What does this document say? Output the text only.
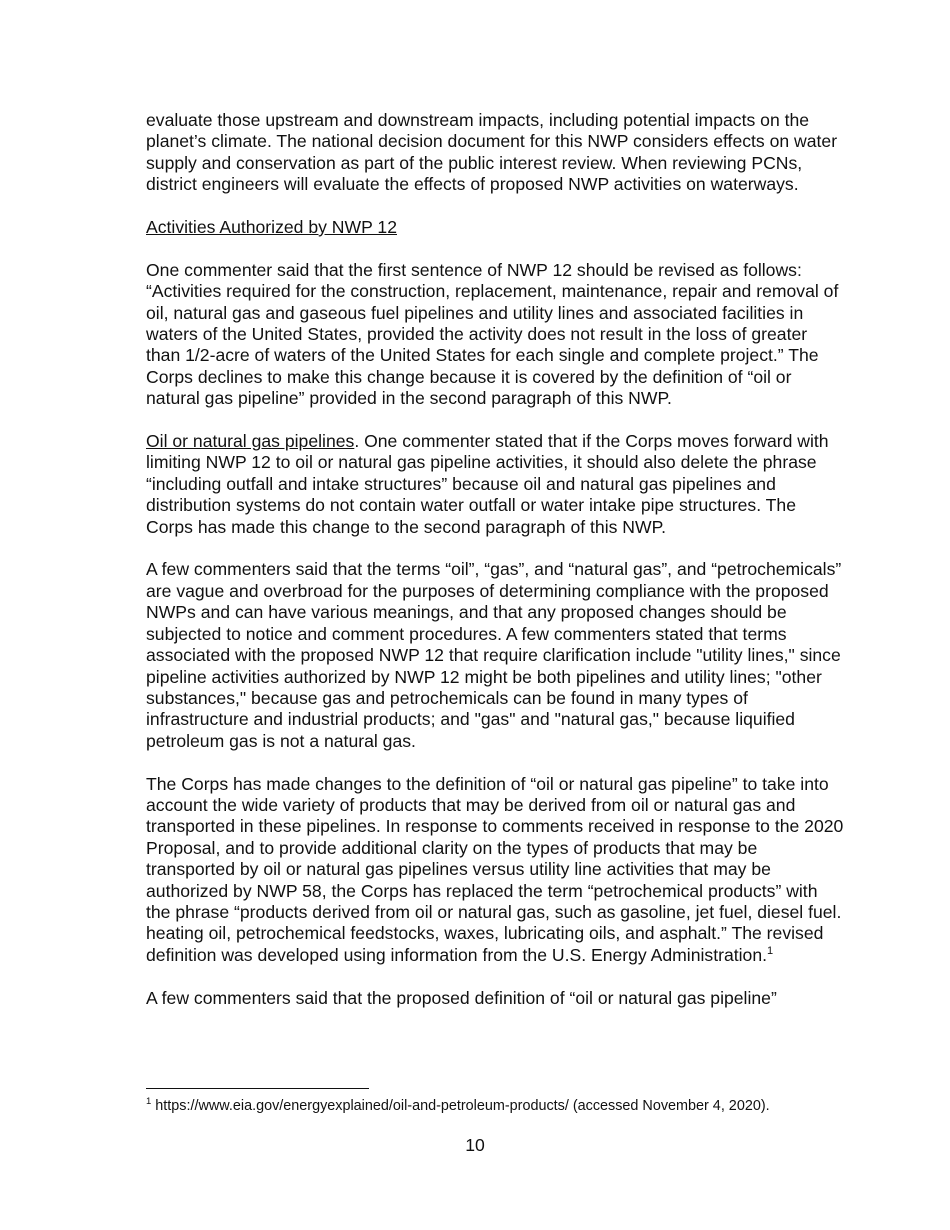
evaluate those upstream and downstream impacts, including potential impacts on the planet’s climate. The national decision document for this NWP considers effects on water supply and conservation as part of the public interest review. When reviewing PCNs, district engineers will evaluate the effects of proposed NWP activities on waterways.

Activities Authorized by NWP 12

One commenter said that the first sentence of NWP 12 should be revised as follows: “Activities required for the construction, replacement, maintenance, repair and removal of oil, natural gas and gaseous fuel pipelines and utility lines and associated facilities in waters of the United States, provided the activity does not result in the loss of greater than 1/2-acre of waters of the United States for each single and complete project.” The Corps declines to make this change because it is covered by the definition of “oil or natural gas pipeline” provided in the second paragraph of this NWP.

Oil or natural gas pipelines. One commenter stated that if the Corps moves forward with limiting NWP 12 to oil or natural gas pipeline activities, it should also delete the phrase “including outfall and intake structures” because oil and natural gas pipelines and distribution systems do not contain water outfall or water intake pipe structures. The Corps has made this change to the second paragraph of this NWP.

A few commenters said that the terms “oil”, “gas”, and “natural gas”, and “petrochemicals” are vague and overbroad for the purposes of determining compliance with the proposed NWPs and can have various meanings, and that any proposed changes should be subjected to notice and comment procedures. A few commenters stated that terms associated with the proposed NWP 12 that require clarification include "utility lines," since pipeline activities authorized by NWP 12 might be both pipelines and utility lines; "other substances," because gas and petrochemicals can be found in many types of infrastructure and industrial products; and "gas" and "natural gas," because liquified petroleum gas is not a natural gas.

The Corps has made changes to the definition of “oil or natural gas pipeline” to take into account the wide variety of products that may be derived from oil or natural gas and transported in these pipelines. In response to comments received in response to the 2020 Proposal, and to provide additional clarity on the types of products that may be transported by oil or natural gas pipelines versus utility line activities that may be authorized by NWP 58, the Corps has replaced the term “petrochemical products” with the phrase “products derived from oil or natural gas, such as gasoline, jet fuel, diesel fuel. heating oil, petrochemical feedstocks, waxes, lubricating oils, and asphalt.” The revised definition was developed using information from the U.S. Energy Administration.$^1$

A few commenters said that the proposed definition of “oil or natural gas pipeline”

$^1$ https://www.eia.gov/energyexplained/oil-and-petroleum-products/ (accessed November 4, 2020).
10
